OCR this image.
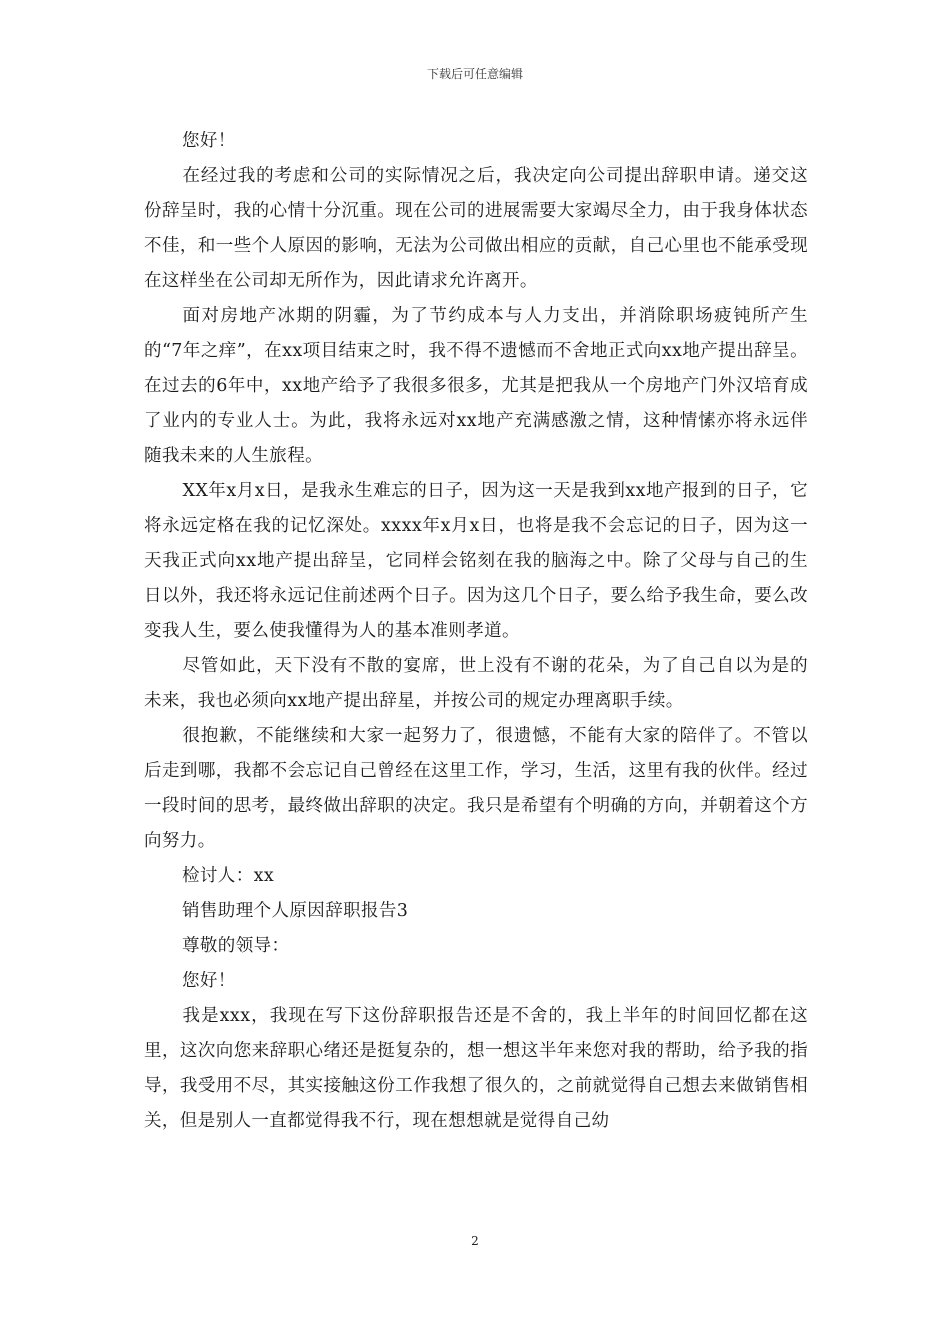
下载后可任意编辑

您好！

在经过我的考虑和公司的实际情况之后，我决定向公司提出辞职申请。递交这份辞呈时，我的心情十分沉重。现在公司的进展需要大家竭尽全力，由于我身体状态不佳，和一些个人原因的影响，无法为公司做出相应的贡献，自己心里也不能承受现在这样坐在公司却无所作为，因此请求允许离开。

面对房地产冰期的阴霾，为了节约成本与人力支出，并消除职场疲钝所产生的“7年之痒”，在xx项目结束之时，我不得不遗憾而不舍地正式向xx地产提出辞呈。在过去的6年中，xx地产给予了我很多很多，尤其是把我从一个房地产门外汉培育成了业内的专业人士。为此，我将永远对xx地产充满感激之情，这种情愫亦将永远伴随我未来的人生旅程。

XX年x月x日，是我永生难忘的日子，因为这一天是我到xx地产报到的日子，它将永远定格在我的记忆深处。xxxx年x月x日，也将是我不会忘记的日子，因为这一天我正式向xx地产提出辞呈，它同样会铭刻在我的脑海之中。除了父母与自己的生日以外，我还将永远记住前述两个日子。因为这几个日子，要么给予我生命，要么改变我人生，要么使我懂得为人的基本准则孝道。

尽管如此，天下没有不散的宴席，世上没有不谢的花朵，为了自己自以为是的未来，我也必须向xx地产提出辞星，并按公司的规定办理离职手续。

很抱歉，不能继续和大家一起努力了，很遗憾，不能有大家的陪伴了。不管以后走到哪，我都不会忘记自己曾经在这里工作，学习，生活，这里有我的伙伴。经过一段时间的思考，最终做出辞职的决定。我只是希望有个明确的方向，并朝着这个方向努力。

检讨人：xx

销售助理个人原因辞职报告3

尊敬的领导：

您好！

我是xxx，我现在写下这份辞职报告还是不舍的，我上半年的时间回忆都在这里，这次向您来辞职心绪还是挺复杂的，想一想这半年来您对我的帮助，给予我的指导，我受用不尽，其实接触这份工作我想了很久的，之前就觉得自己想去来做销售相关，但是别人一直都觉得我不行，现在想想就是觉得自己幼

2
